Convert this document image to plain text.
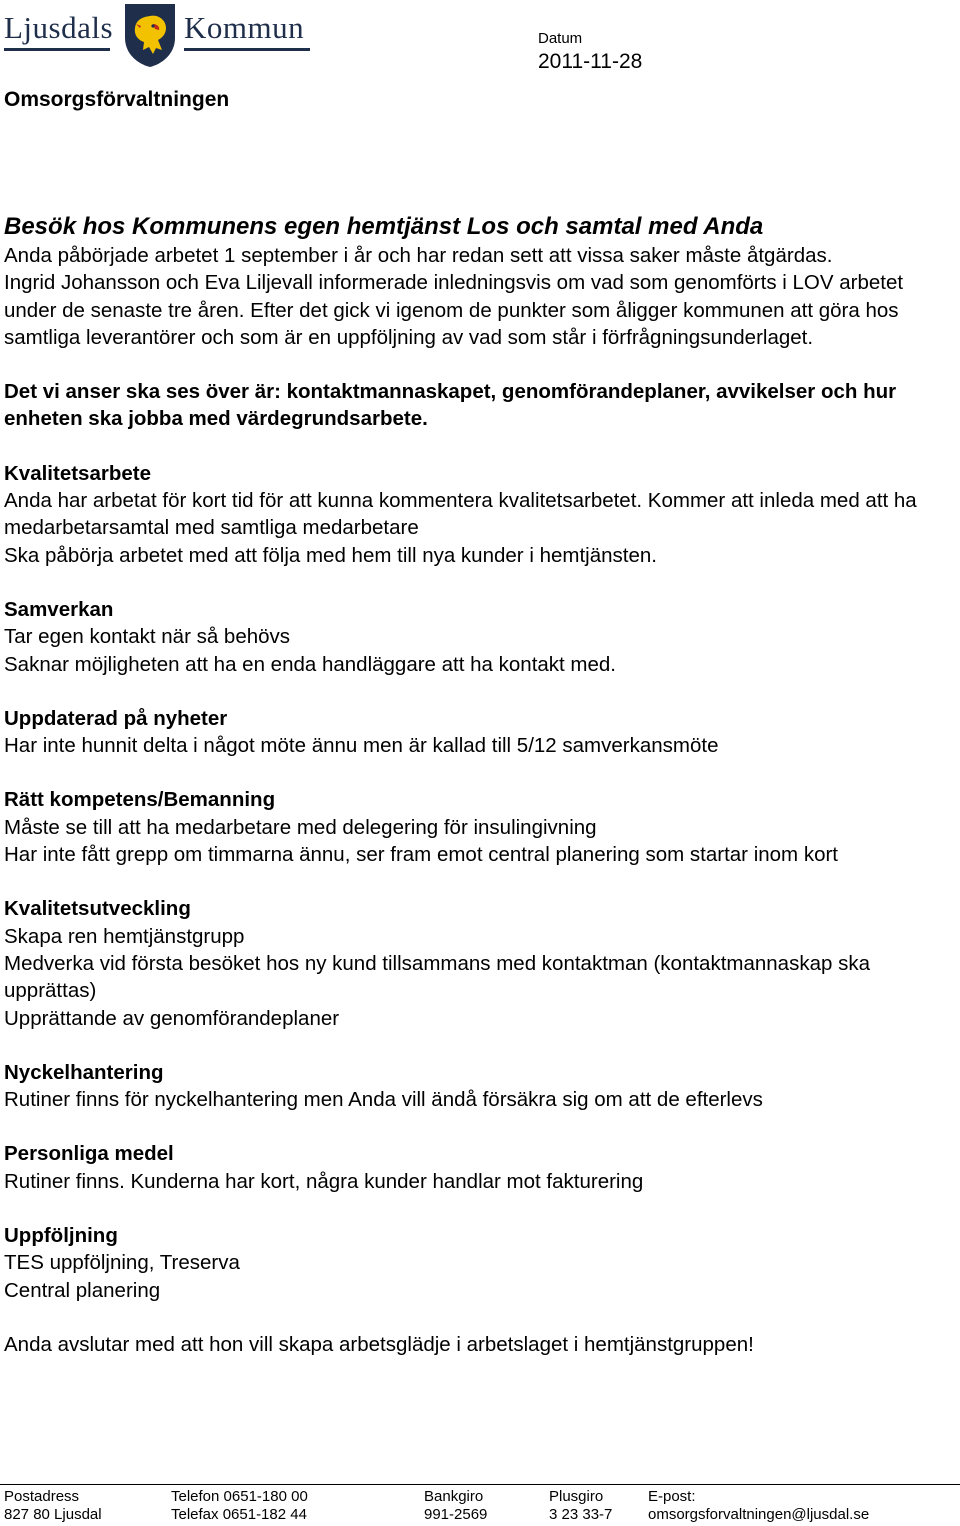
Ljusdals Kommun	Datum
2011-11-28
Omsorgsförvaltningen
Besök hos Kommunens egen hemtjänst Los och samtal med Anda

Anda påbörjade arbetet 1 september i år och har redan sett att vissa saker måste åtgärdas.

Ingrid Johansson och Eva Liljevall informerade inledningsvis om vad som genomförts i LOV arbetet under de senaste tre åren. Efter det gick vi igenom de punkter som åligger kommunen att göra hos samtliga leverantörer och som är en uppföljning av vad som står i förfrågningsunderlaget.

Det vi anser ska ses över är: kontaktmannaskapet, genomförandeplaner, avvikelser och hur enheten ska jobba med värdegrundsarbete.

Kvalitetsarbete
Anda har arbetat för kort tid för att kunna kommentera kvalitetsarbetet. Kommer att inleda med att ha medarbetarsamtal med samtliga medarbetare
Ska påbörja arbetet med att följa med hem till nya kunder i hemtjänsten.
Samverkan
Tar egen kontakt när så behövs
Saknar möjligheten att ha en enda handläggare att ha kontakt med.
Uppdaterad på nyheter
Har inte hunnit delta i något möte ännu men är kallad till 5/12 samverkansmöte
Rätt kompetens/Bemanning
Måste se till att ha medarbetare med delegering för insulingivning
Har inte fått grepp om timmarna ännu, ser fram emot central planering som startar inom kort
Kvalitetsutveckling
Skapa ren hemtjänstgrupp
Medverka vid första besöket hos ny kund tillsammans med kontaktman (kontaktmannaskap ska upprättas)
Upprättande av genomförandeplaner
Nyckelhantering
Rutiner finns för nyckelhantering men Anda vill ändå försäkra sig om att de efterlevs
Personliga medel
Rutiner finns. Kunderna har kort, några kunder handlar mot fakturering
Uppföljning
TES uppföljning, Treserva
Central planering

Anda avslutar med att hon vill skapa arbetsglädje i arbetslaget i hemtjänstgruppen!

Postadress
827 80 Ljusdal
Telefon 0651-180 00
Telefax 0651-182 44
Bankgiro
991-2569
Plusgiro
3 23 33-7
E-post:
omsorgsforvaltningen@ljusdal.se
